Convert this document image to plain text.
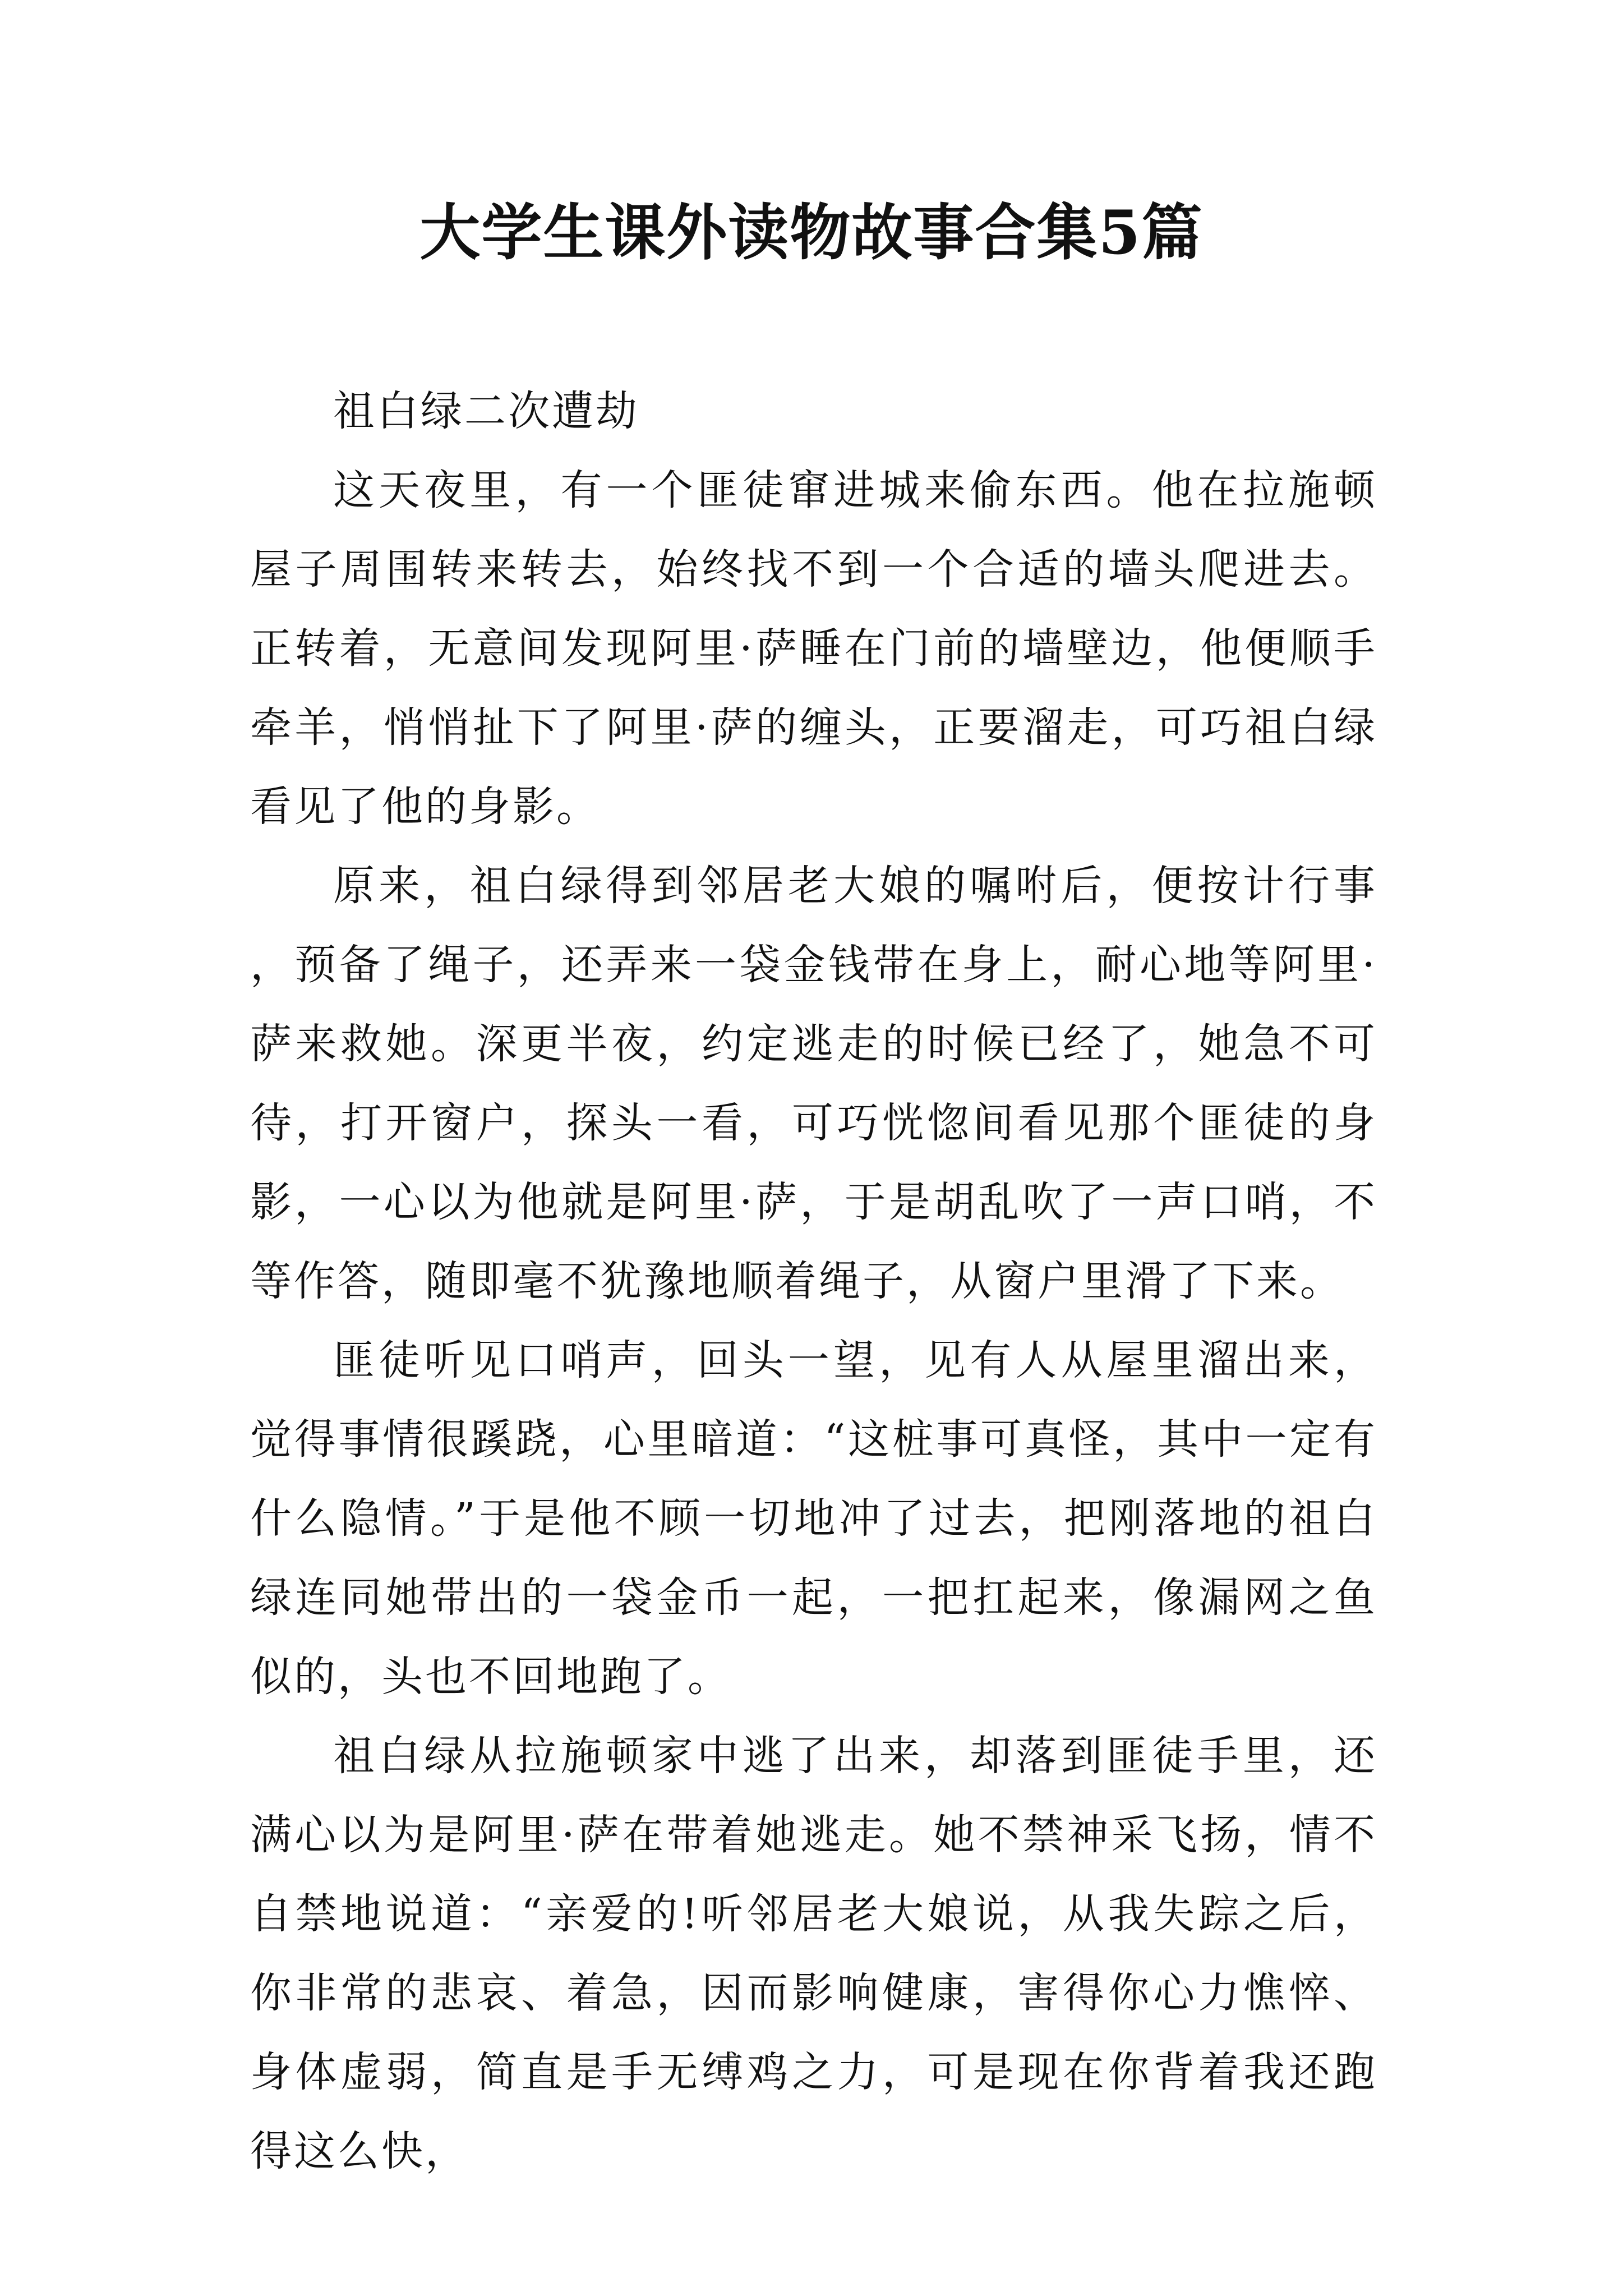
大学生课外读物故事合集5篇

祖白绿二次遭劫

这天夜里，有一个匪徒窜进城来偷东西。他在拉施顿屋子周围转来转去，始终找不到一个合适的墙头爬进去。正转着，无意间发现阿里·萨睡在门前的墙壁边，他便顺手牵羊，悄悄扯下了阿里·萨的缠头，正要溜走，可巧祖白绿看见了他的身影。

原来，祖白绿得到邻居老大娘的嘱咐后，便按计行事，预备了绳子，还弄来一袋金钱带在身上，耐心地等阿里·萨来救她。深更半夜，约定逃走的时候已经了，她急不可待，打开窗户，探头一看，可巧恍惚间看见那个匪徒的身影，一心以为他就是阿里·萨，于是胡乱吹了一声口哨，不等作答，随即毫不犹豫地顺着绳子，从窗户里滑了下来。

匪徒听见口哨声，回头一望，见有人从屋里溜出来，觉得事情很蹊跷，心里暗道：“这桩事可真怪，其中一定有什么隐情。”于是他不顾一切地冲了过去，把刚落地的祖白绿连同她带出的一袋金币一起，一把扛起来，像漏网之鱼似的，头也不回地跑了。

祖白绿从拉施顿家中逃了出来，却落到匪徒手里，还满心以为是阿里·萨在带着她逃走。她不禁神采飞扬，情不自禁地说道：“亲爱的!听邻居老大娘说，从我失踪之后，你非常的悲哀、着急，因而影响健康，害得你心力憔悴、身体虚弱，简直是手无缚鸡之力，可是现在你背着我还跑得这么快，
